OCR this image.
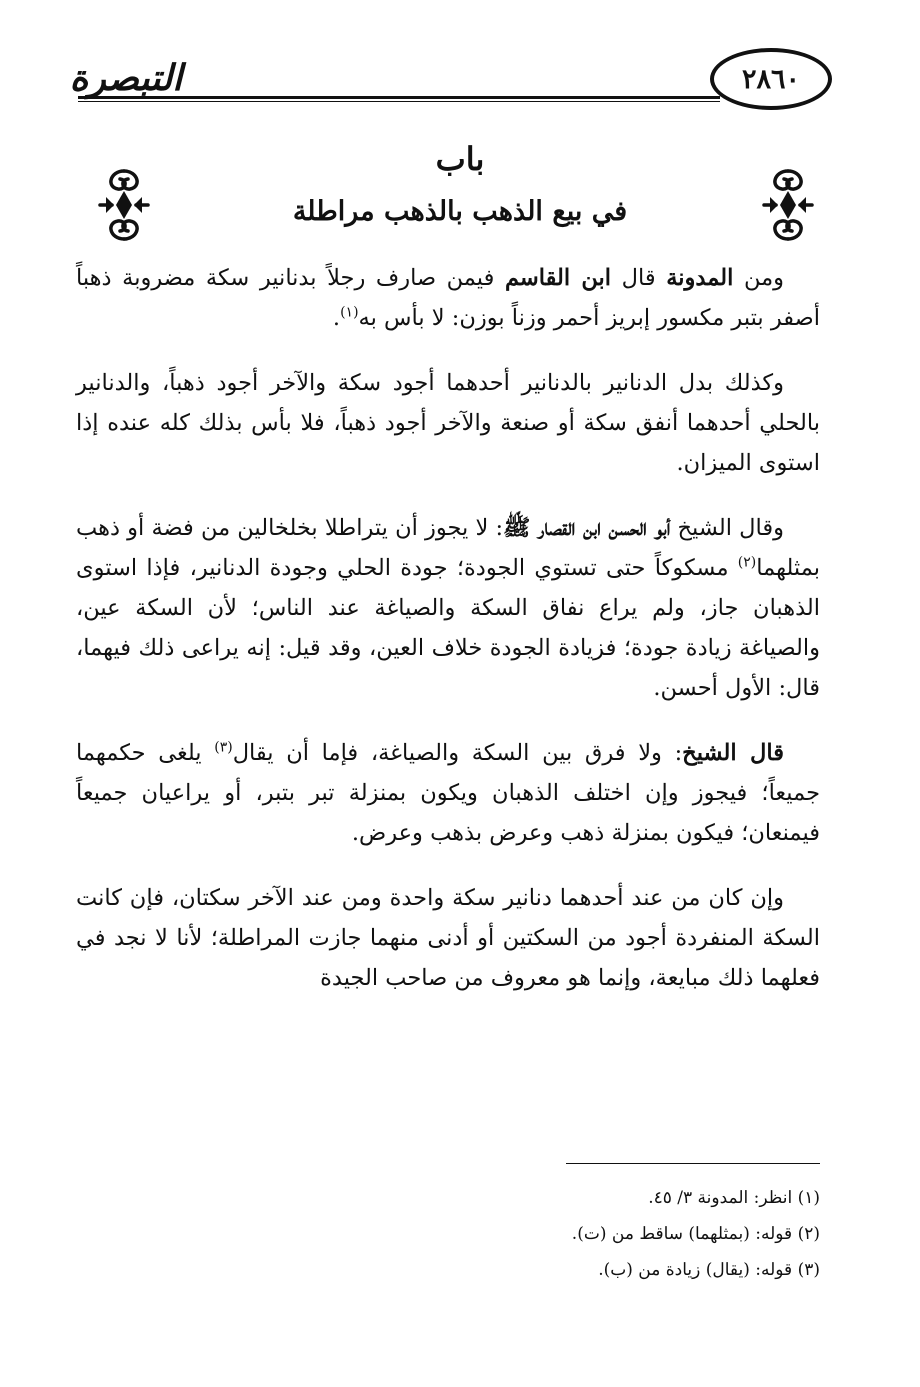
٢٨٦٠
التبصرة
باب
في بيع الذهب بالذهب مراطلة

ومن المدونة قال ابن القاسم فيمن صارف رجلاً بدنانير سكة مضروبة ذهباً أصفر بتبر مكسور إبريز أحمر وزناً بوزن: لا بأس به$^{(١)}$.

وكذلك بدل الدنانير بالدنانير أحدهما أجود سكة والآخر أجود ذهباً، والدنانير بالحلي أحدهما أنفق سكة أو صنعة والآخر أجود ذهباً، فلا بأس بذلك كله عنده إذا استوى الميزان.

وقال الشيخ أبو الحسن ابن القصار ﷺ: لا يجوز أن يتراطلا بخلخالين من فضة أو ذهب بمثلهما$^{(٢)}$ مسكوكاً حتى تستوي الجودة؛ جودة الحلي وجودة الدنانير، فإذا استوى الذهبان جاز، ولم يراع نفاق السكة والصياغة عند الناس؛ لأن السكة عين، والصياغة زيادة جودة؛ فزيادة الجودة خلاف العين، وقد قيل: إنه يراعى ذلك فيهما، قال: الأول أحسن.

قال الشيخ: ولا فرق بين السكة والصياغة، فإما أن يقال$^{(٣)}$ يلغى حكمهما جميعاً؛ فيجوز وإن اختلف الذهبان ويكون بمنزلة تبر بتبر، أو يراعيان جميعاً فيمنعان؛ فيكون بمنزلة ذهب وعرض بذهب وعرض.

وإن كان من عند أحدهما دنانير سكة واحدة ومن عند الآخر سكتان، فإن كانت السكة المنفردة أجود من السكتين أو أدنى منهما جازت المراطلة؛ لأنا لا نجد في فعلهما ذلك مبايعة، وإنما هو معروف من صاحب الجيدة

(١) انظر: المدونة ٣/ ٤٥.
(٢) قوله: (بمثلهما) ساقط من (ت).
(٣) قوله: (يقال) زيادة من (ب).
